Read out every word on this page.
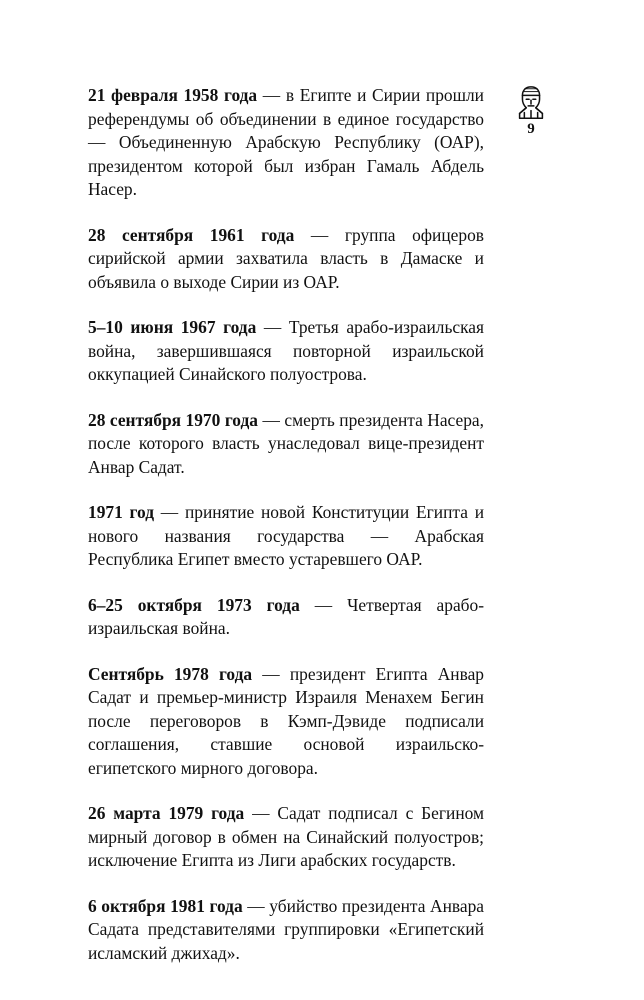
9

21 февраля 1958 года — в Египте и Сирии прошли референдумы об объединении в единое государство — Объединенную Арабскую Республику (ОАР), президентом которой был избран Гамаль Абдель Насер.

28 сентября 1961 года — группа офицеров сирийской армии захватила власть в Дамаске и объявила о выходе Сирии из ОАР.

5–10 июня 1967 года — Третья арабо-израильская война, завершившаяся повторной израильской оккупацией Синайского полуострова.

28 сентября 1970 года — смерть президента Насера, после которого власть унаследовал вице-президент Анвар Садат.

1971 год — принятие новой Конституции Египта и нового названия государства — Арабская Республика Египет вместо устаревшего ОАР.

6–25 октября 1973 года — Четвертая арабо-израильская война.

Сентябрь 1978 года — президент Египта Анвар Садат и премьер-министр Израиля Менахем Бегин после переговоров в Кэмп-Дэвиде подписали соглашения, ставшие основой израильско-египетского мирного договора.

26 марта 1979 года — Садат подписал с Бегином мирный договор в обмен на Синайский полуостров; исключение Египта из Лиги арабских государств.

6 октября 1981 года — убийство президента Анвара Садата представителями группировки «Египетский исламский джихад».
